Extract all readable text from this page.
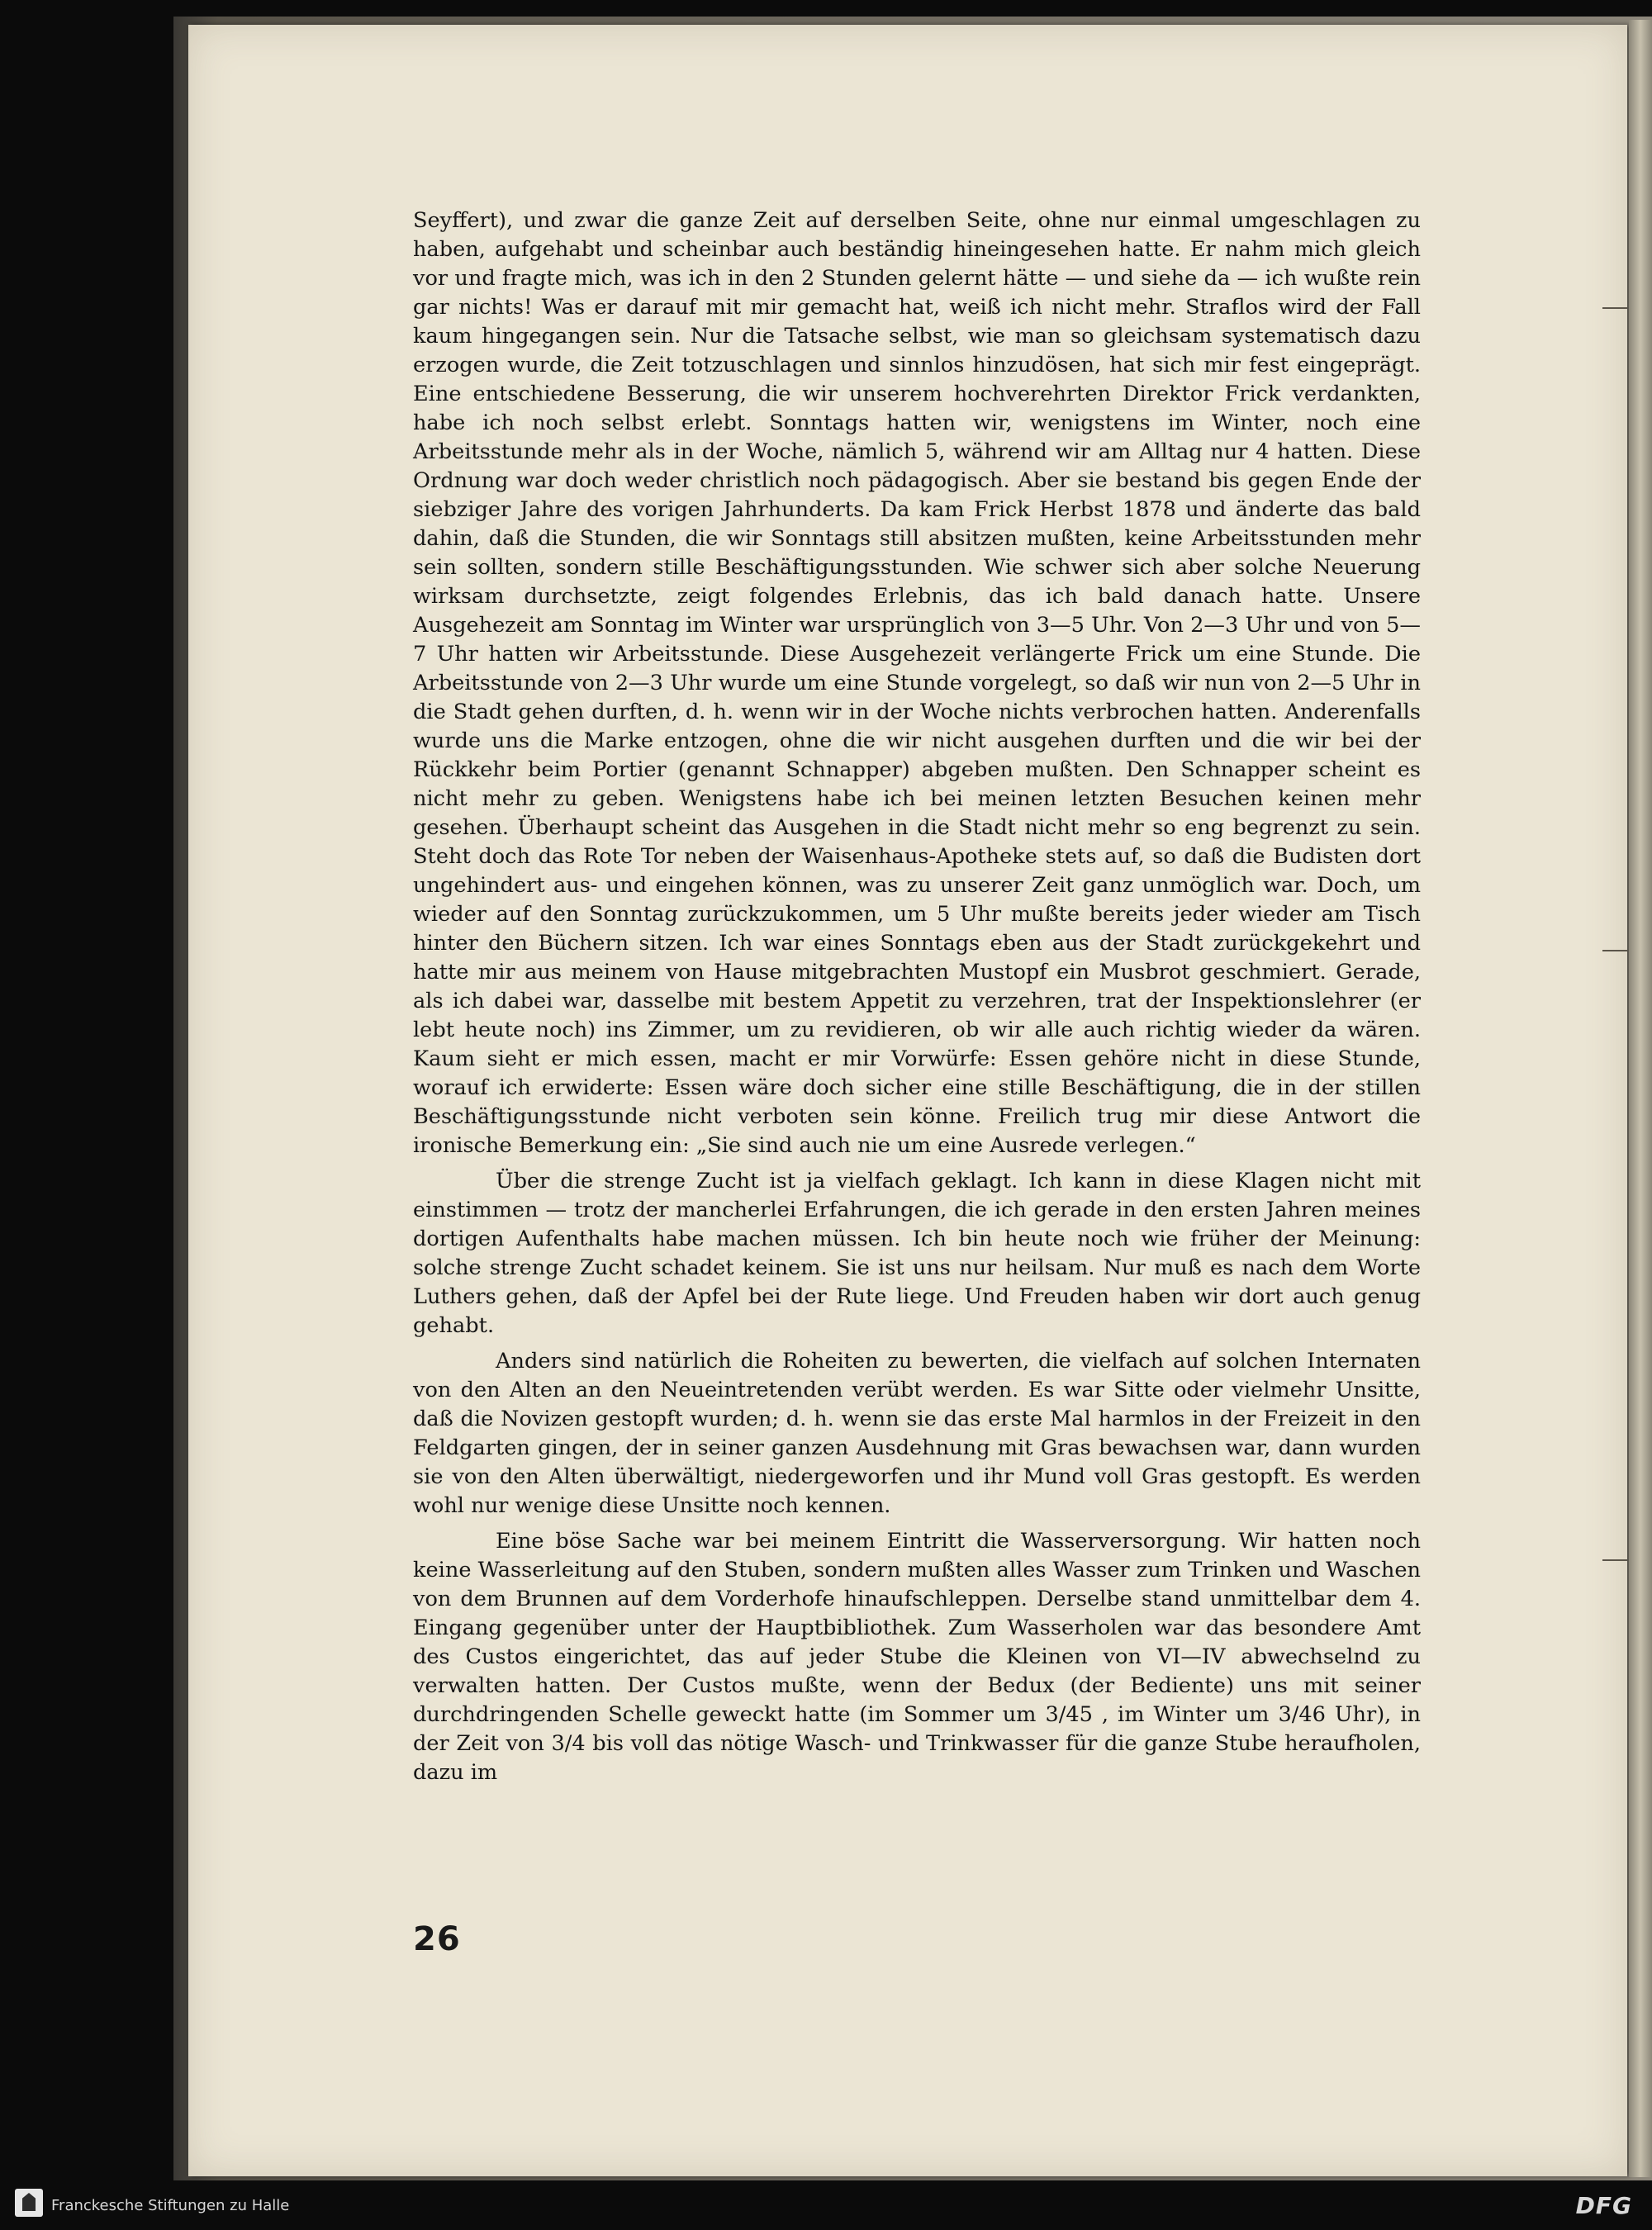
Seyffert), und zwar die ganze Zeit auf derselben Seite, ohne nur einmal umgeschlagen zu haben, aufgehabt und scheinbar auch beständig hineingesehen hatte. Er nahm mich gleich vor und fragte mich, was ich in den 2 Stunden gelernt hätte — und siehe da — ich wußte rein gar nichts! Was er darauf mit mir gemacht hat, weiß ich nicht mehr. Straflos wird der Fall kaum hingegangen sein. Nur die Tatsache selbst, wie man so gleichsam systematisch dazu erzogen wurde, die Zeit totzuschlagen und sinnlos hinzudösen, hat sich mir fest eingeprägt. Eine entschiedene Besserung, die wir unserem hochverehrten Direktor Frick verdankten, habe ich noch selbst erlebt. Sonntags hatten wir, wenigstens im Winter, noch eine Arbeitsstunde mehr als in der Woche, nämlich 5, während wir am Alltag nur 4 hatten. Diese Ordnung war doch weder christlich noch pädagogisch. Aber sie bestand bis gegen Ende der siebziger Jahre des vorigen Jahrhunderts. Da kam Frick Herbst 1878 und änderte das bald dahin, daß die Stunden, die wir Sonntags still absitzen mußten, keine Arbeitsstunden mehr sein sollten, sondern stille Beschäftigungsstunden. Wie schwer sich aber solche Neuerung wirksam durchsetzte, zeigt folgendes Erlebnis, das ich bald danach hatte. Unsere Ausgehezeit am Sonntag im Winter war ursprünglich von 3—5 Uhr. Von 2—3 Uhr und von 5—7 Uhr hatten wir Arbeitsstunde. Diese Ausgehezeit verlängerte Frick um eine Stunde. Die Arbeitsstunde von 2—3 Uhr wurde um eine Stunde vorgelegt, so daß wir nun von 2—5 Uhr in die Stadt gehen durften, d. h. wenn wir in der Woche nichts verbrochen hatten. Anderenfalls wurde uns die Marke entzogen, ohne die wir nicht ausgehen durften und die wir bei der Rückkehr beim Portier (genannt Schnapper) abgeben mußten. Den Schnapper scheint es nicht mehr zu geben. Wenigstens habe ich bei meinen letzten Besuchen keinen mehr gesehen. Überhaupt scheint das Ausgehen in die Stadt nicht mehr so eng begrenzt zu sein. Steht doch das Rote Tor neben der Waisenhaus-Apotheke stets auf, so daß die Budisten dort ungehindert aus- und eingehen können, was zu unserer Zeit ganz unmöglich war. Doch, um wieder auf den Sonntag zurückzukommen, um 5 Uhr mußte bereits jeder wieder am Tisch hinter den Büchern sitzen. Ich war eines Sonntags eben aus der Stadt zurückgekehrt und hatte mir aus meinem von Hause mitgebrachten Mustopf ein Musbrot geschmiert. Gerade, als ich dabei war, dasselbe mit bestem Appetit zu verzehren, trat der Inspektionslehrer (er lebt heute noch) ins Zimmer, um zu revidieren, ob wir alle auch richtig wieder da wären. Kaum sieht er mich essen, macht er mir Vorwürfe: Essen gehöre nicht in diese Stunde, worauf ich erwiderte: Essen wäre doch sicher eine stille Beschäftigung, die in der stillen Beschäftigungsstunde nicht verboten sein könne. Freilich trug mir diese Antwort die ironische Bemerkung ein: „Sie sind auch nie um eine Ausrede verlegen.“

Über die strenge Zucht ist ja vielfach geklagt. Ich kann in diese Klagen nicht mit einstimmen — trotz der mancherlei Erfahrungen, die ich gerade in den ersten Jahren meines dortigen Aufenthalts habe machen müssen. Ich bin heute noch wie früher der Meinung: solche strenge Zucht schadet keinem. Sie ist uns nur heilsam. Nur muß es nach dem Worte Luthers gehen, daß der Apfel bei der Rute liege. Und Freuden haben wir dort auch genug gehabt.

Anders sind natürlich die Roheiten zu bewerten, die vielfach auf solchen Internaten von den Alten an den Neueintretenden verübt werden. Es war Sitte oder vielmehr Unsitte, daß die Novizen gestopft wurden; d. h. wenn sie das erste Mal harmlos in der Freizeit in den Feldgarten gingen, der in seiner ganzen Ausdehnung mit Gras bewachsen war, dann wurden sie von den Alten überwältigt, niedergeworfen und ihr Mund voll Gras gestopft. Es werden wohl nur wenige diese Unsitte noch kennen.

Eine böse Sache war bei meinem Eintritt die Wasserversorgung. Wir hatten noch keine Wasserleitung auf den Stuben, sondern mußten alles Wasser zum Trinken und Waschen von dem Brunnen auf dem Vorderhofe hinaufschleppen. Derselbe stand unmittelbar dem 4. Eingang gegenüber unter der Hauptbibliothek. Zum Wasserholen war das besondere Amt des Custos eingerichtet, das auf jeder Stube die Kleinen von VI—IV abwechselnd zu verwalten hatten. Der Custos mußte, wenn der Bedux (der Bediente) uns mit seiner durchdringenden Schelle geweckt hatte (im Sommer um 3/45 , im Winter um 3/46 Uhr), in der Zeit von 3/4 bis voll das nötige Wasch- und Trinkwasser für die ganze Stube heraufholen, dazu im

26
Franckesche Stiftungen zu Halle	DFG
